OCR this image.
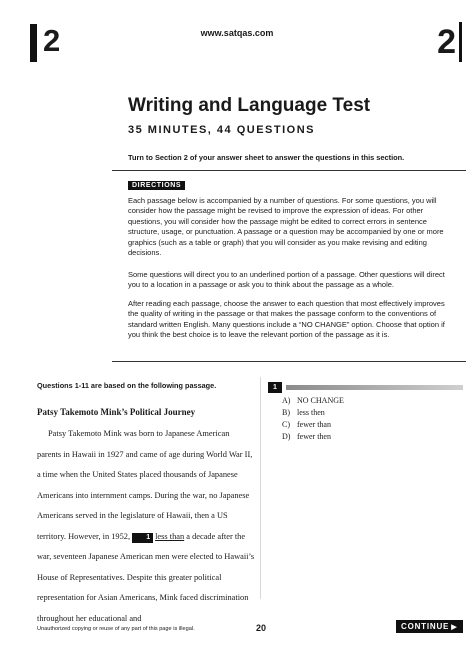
2	www.satqas.com	2
Writing and Language Test
35 MINUTES, 44 QUESTIONS
Turn to Section 2 of your answer sheet to answer the questions in this section.
DIRECTIONS
Each passage below is accompanied by a number of questions. For some questions, you will consider how the passage might be revised to improve the expression of ideas. For other questions, you will consider how the passage might be edited to correct errors in sentence structure, usage, or punctuation. A passage or a question may be accompanied by one or more graphics (such as a table or graph) that you will consider as you make revising and editing decisions.
Some questions will direct you to an underlined portion of a passage. Other questions will direct you to a location in a passage or ask you to think about the passage as a whole.
After reading each passage, choose the answer to each question that most effectively improves the quality of writing in the passage or that makes the passage conform to the conventions of standard written English. Many questions include a “NO CHANGE” option. Choose that option if you think the best choice is to leave the relevant portion of the passage as it is.
Questions 1-11 are based on the following passage.
Patsy Takemoto Mink’s Political Journey

Patsy Takemoto Mink was born to Japanese American parents in Hawaii in 1927 and came of age during World War II, a time when the United States placed thousands of Japanese Americans into internment camps. During the war, no Japanese Americans served in the legislature of Hawaii, then a US territory. However, in 1952, 1 less than a decade after the war, seventeen Japanese American men were elected to Hawaii’s House of Representatives. Despite this greater political representation for Asian Americans, Mink faced discrimination throughout her educational and

1
A) NO CHANGE
B) less then
C) fewer than
D) fewer then
Unauthorized copying or reuse of any part of this page is illegal.	20	CONTINUE ▶
